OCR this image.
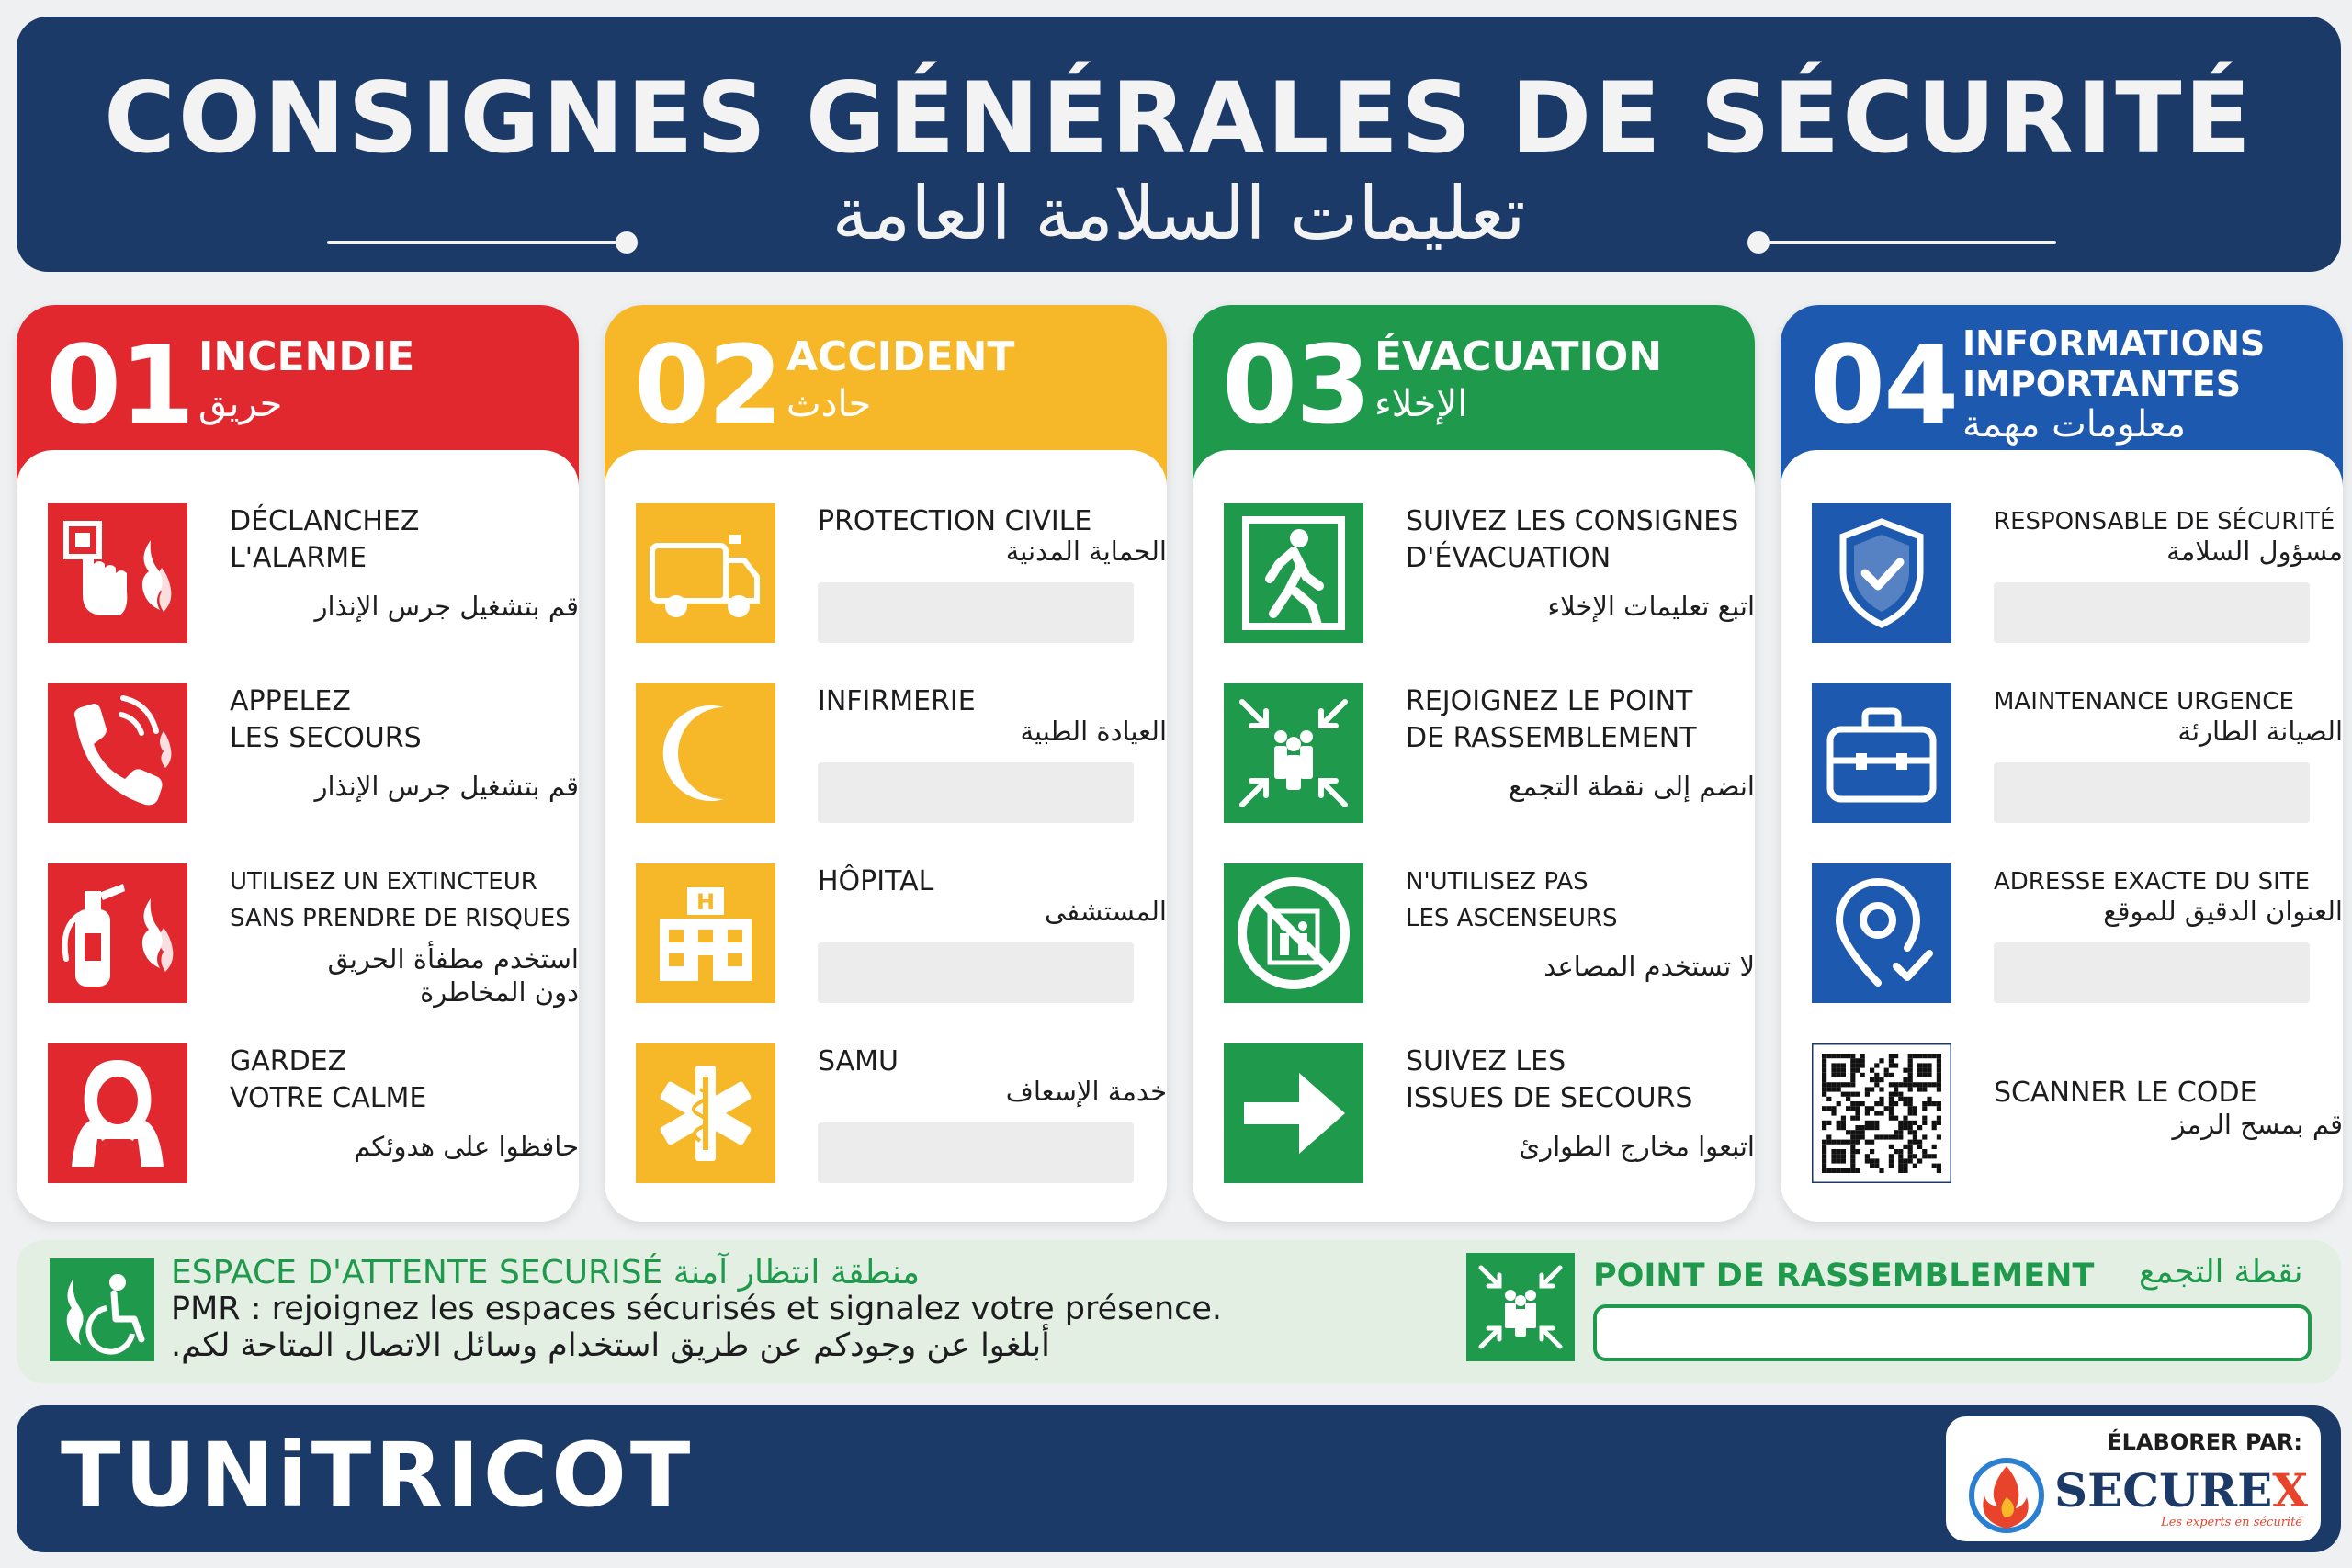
CONSIGNES GÉNÉRALES DE SÉCURITÉ
تعليمات السلامة العامة
01 INCENDIE
حريق
DÉCLANCHEZ
L'ALARME
قم بتشغيل جرس الإنذار
APPELEZ
LES SECOURS
قم بتشغيل جرس الإنذار
UTILISEZ UN EXTINCTEUR
SANS PRENDRE DE RISQUES
استخدم مطفأة الحريق
دون المخاطرة
GARDEZ
VOTRE CALME
حافظوا على هدوئكم
02 ACCIDENT
حادث
PROTECTION CIVILE
الحماية المدنية
INFIRMERIE
العيادة الطبية
H
HÔPITAL
المستشفى
SAMU
خدمة الإسعاف
03 ÉVACUATION
الإخلاء
SUIVEZ LES CONSIGNES
D'ÉVACUATION
اتبع تعليمات الإخلاء
REJOIGNEZ LE POINT
DE RASSEMBLEMENT
انضم إلى نقطة التجمع
N'UTILISEZ PAS
LES ASCENSEURS
لا تستخدم المصاعد
SUIVEZ LES
ISSUES DE SECOURS
اتبعوا مخارج الطوارئ
04 INFORMATIONS
IMPORTANTES
معلومات مهمة
RESPONSABLE DE SÉCURITÉ
مسؤول السلامة
MAINTENANCE URGENCE
الصيانة الطارئة
ADRESSE EXACTE DU SITE
العنوان الدقيق للموقع
SCANNER LE CODE
قم بمسح الرمز
ESPACE D'ATTENTE SECURISÉ منطقة انتظار آمنة
PMR : rejoignez les espaces sécurisés et signalez votre présence.
أبلغوا عن وجودكم عن طريق استخدام وسائل الاتصال المتاحة لكم.
POINT DE RASSEMBLEMENT نقطة التجمع
TUNiTRICOT	ÉLABORER PAR:
SECUREX
Les experts en sécurité
